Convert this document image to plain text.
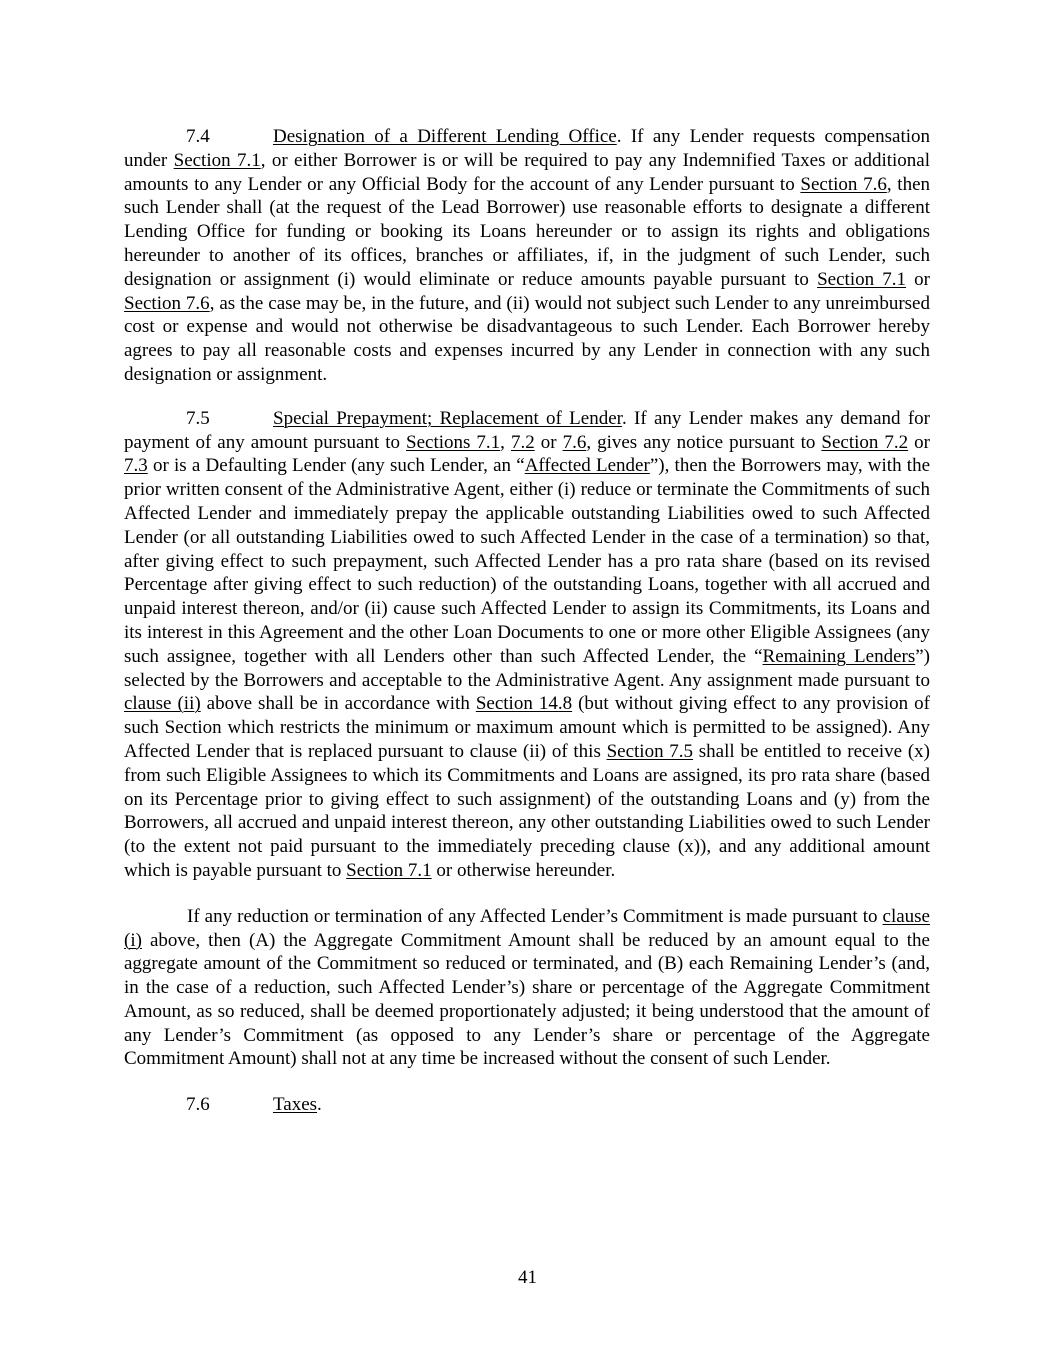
7.4	Designation of a Different Lending Office. If any Lender requests compensation under Section 7.1, or either Borrower is or will be required to pay any Indemnified Taxes or additional amounts to any Lender or any Official Body for the account of any Lender pursuant to Section 7.6, then such Lender shall (at the request of the Lead Borrower) use reasonable efforts to designate a different Lending Office for funding or booking its Loans hereunder or to assign its rights and obligations hereunder to another of its offices, branches or affiliates, if, in the judgment of such Lender, such designation or assignment (i) would eliminate or reduce amounts payable pursuant to Section 7.1 or Section 7.6, as the case may be, in the future, and (ii) would not subject such Lender to any unreimbursed cost or expense and would not otherwise be disadvantageous to such Lender. Each Borrower hereby agrees to pay all reasonable costs and expenses incurred by any Lender in connection with any such designation or assignment.

7.5	Special Prepayment; Replacement of Lender. If any Lender makes any demand for payment of any amount pursuant to Sections 7.1, 7.2 or 7.6, gives any notice pursuant to Section 7.2 or 7.3 or is a Defaulting Lender (any such Lender, an “Affected Lender”), then the Borrowers may, with the prior written consent of the Administrative Agent, either (i) reduce or terminate the Commitments of such Affected Lender and immediately prepay the applicable outstanding Liabilities owed to such Affected Lender (or all outstanding Liabilities owed to such Affected Lender in the case of a termination) so that, after giving effect to such prepayment, such Affected Lender has a pro rata share (based on its revised Percentage after giving effect to such reduction) of the outstanding Loans, together with all accrued and unpaid interest thereon, and/or (ii) cause such Affected Lender to assign its Commitments, its Loans and its interest in this Agreement and the other Loan Documents to one or more other Eligible Assignees (any such assignee, together with all Lenders other than such Affected Lender, the “Remaining Lenders”) selected by the Borrowers and acceptable to the Administrative Agent. Any assignment made pursuant to clause (ii) above shall be in accordance with Section 14.8 (but without giving effect to any provision of such Section which restricts the minimum or maximum amount which is permitted to be assigned). Any Affected Lender that is replaced pursuant to clause (ii) of this Section 7.5 shall be entitled to receive (x) from such Eligible Assignees to which its Commitments and Loans are assigned, its pro rata share (based on its Percentage prior to giving effect to such assignment) of the outstanding Loans and (y) from the Borrowers, all accrued and unpaid interest thereon, any other outstanding Liabilities owed to such Lender (to the extent not paid pursuant to the immediately preceding clause (x)), and any additional amount which is payable pursuant to Section 7.1 or otherwise hereunder.

If any reduction or termination of any Affected Lender’s Commitment is made pursuant to clause (i) above, then (A) the Aggregate Commitment Amount shall be reduced by an amount equal to the aggregate amount of the Commitment so reduced or terminated, and (B) each Remaining Lender’s (and, in the case of a reduction, such Affected Lender’s) share or percentage of the Aggregate Commitment Amount, as so reduced, shall be deemed proportionately adjusted; it being understood that the amount of any Lender’s Commitment (as opposed to any Lender’s share or percentage of the Aggregate Commitment Amount) shall not at any time be increased without the consent of such Lender.

7.6	Taxes.

41
